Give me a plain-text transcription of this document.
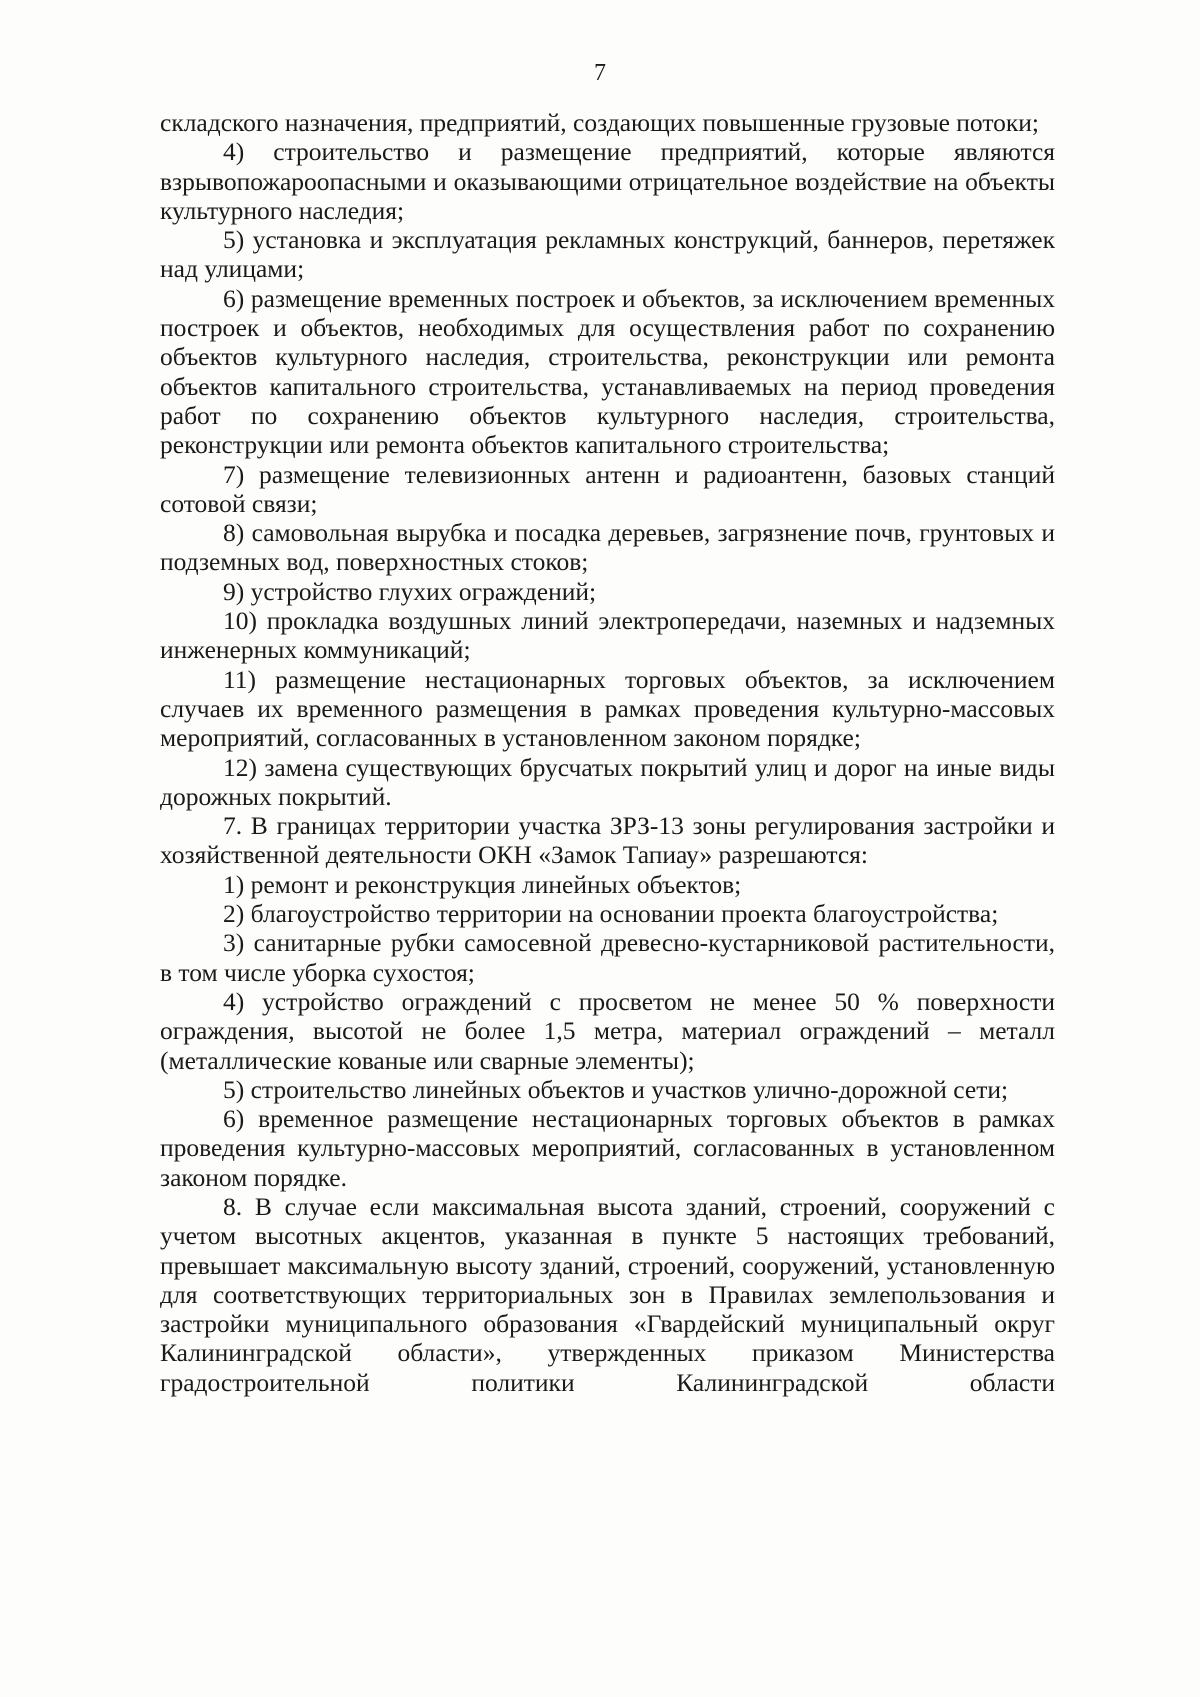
7

складского назначения, предприятий, создающих повышенные грузовые потоки;

4) строительство и размещение предприятий, которые являются взрывопожароопасными и оказывающими отрицательное воздействие на объекты культурного наследия;

5) установка и эксплуатация рекламных конструкций, баннеров, перетяжек над улицами;

6) размещение временных построек и объектов, за исключением временных построек и объектов, необходимых для осуществления работ по сохранению объектов культурного наследия, строительства, реконструкции или ремонта объектов капитального строительства, устанавливаемых на период проведения работ по сохранению объектов культурного наследия, строительства, реконструкции или ремонта объектов капитального строительства;

7) размещение телевизионных антенн и радиоантенн, базовых станций сотовой связи;

8) самовольная вырубка и посадка деревьев, загрязнение почв, грунтовых и подземных вод, поверхностных стоков;

9) устройство глухих ограждений;

10) прокладка воздушных линий электропередачи, наземных и надземных инженерных коммуникаций;

11) размещение нестационарных торговых объектов, за исключением случаев их временного размещения в рамках проведения культурно-массовых мероприятий, согласованных в установленном законом порядке;

12) замена существующих брусчатых покрытий улиц и дорог на иные виды дорожных покрытий.

7. В границах территории участка ЗРЗ-13 зоны регулирования застройки и хозяйственной деятельности ОКН «Замок Тапиау» разрешаются:

1) ремонт и реконструкция линейных объектов;

2) благоустройство территории на основании проекта благоустройства;

3) санитарные рубки самосевной древесно-кустарниковой растительности, в том числе уборка сухостоя;

4) устройство ограждений с просветом не менее 50 % поверхности ограждения, высотой не более 1,5 метра, материал ограждений – металл (металлические кованые или сварные элементы);

5) строительство линейных объектов и участков улично-дорожной сети;

6) временное размещение нестационарных торговых объектов в рамках проведения культурно-массовых мероприятий, согласованных в установленном законом порядке.

8. В случае если максимальная высота зданий, строений, сооружений с учетом высотных акцентов, указанная в пункте 5 настоящих требований, превышает максимальную высоту зданий, строений, сооружений, установленную для соответствующих территориальных зон в Правилах землепользования и застройки муниципального образования «Гвардейский муниципальный округ Калининградской области», утвержденных приказом Министерства градостроительной политики Калининградской области
